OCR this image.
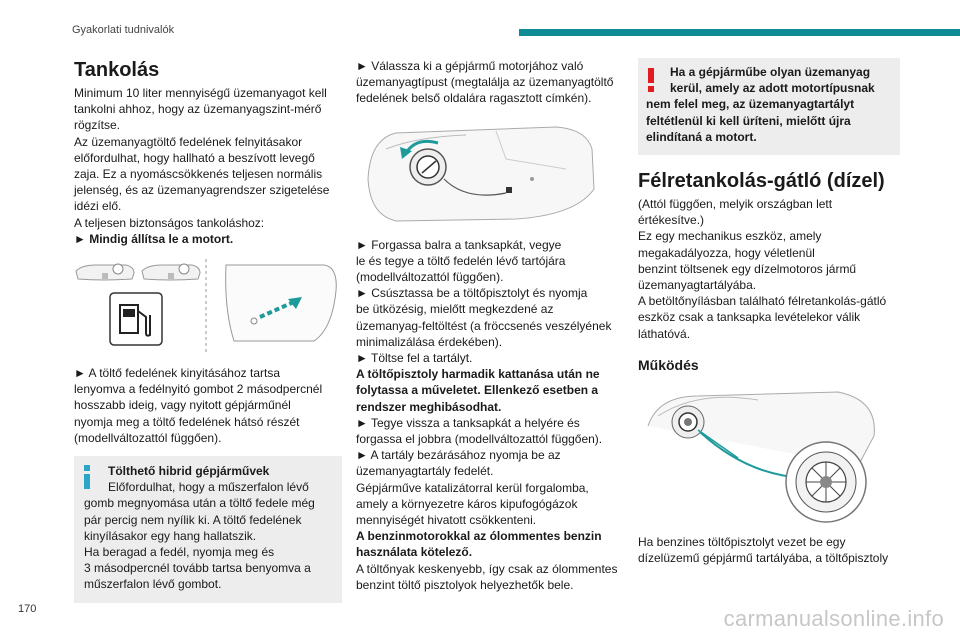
Gyakorlati tudnivalók
Tankolás
Minimum 10 liter mennyiségű üzemanyagot kell
tankolni ahhoz, hogy az üzemanyagszint-mérő
rögzítse.
Az üzemanyagtöltő fedelének felnyitásakor
előfordulhat, hogy hallható a beszívott levegő
zaja. Ez a nyomáscsökkenés teljesen normális
jelenség, és az üzemanyagrendszer szigetelése
idézi elő.
A teljesen biztonságos tankoláshoz:
► Mindig állítsa le a motort.
► A töltő fedelének kinyitásához tartsa
lenyomva a fedélnyitó gombot 2 másodpercnél
hosszabb ideig, vagy nyitott gépjárműnél
nyomja meg a töltő fedelének hátsó részét
(modellváltozattól függően).
Tölthető hibrid gépjárművek
Előfordulhat, hogy a műszerfalon lévő
gomb megnyomása után a töltő fedele még
pár percig nem nyílik ki. A töltő fedelének
kinyílásakor egy hang hallatszik.
Ha beragad a fedél, nyomja meg és
3 másodpercnél tovább tartsa benyomva a
műszerfalon lévő gombot.
► Válassza ki a gépjármű motorjához való
üzemanyagtípust (megtalálja az üzemanyagtöltő
fedelének belső oldalára ragasztott címkén).
► Forgassa balra a tanksapkát, vegye
le és tegye a töltő fedelén lévő tartójára
(modellváltozattól függően).
► Csúsztassa be a töltőpisztolyt és nyomja
be ütközésig, mielőtt megkezdené az
üzemanyag-feltöltést (a fröccsenés veszélyének
minimalizálása érdekében).
► Töltse fel a tartályt.
A töltőpisztoly harmadik kattanása után ne
folytassa a műveletet. Ellenkező esetben a
rendszer meghibásodhat.
► Tegye vissza a tanksapkát a helyére és
forgassa el jobbra (modellváltozattól függően).
► A tartály bezárásához nyomja be az
üzemanyagtartály fedelét.
Gépjárműve katalizátorral kerül forgalomba,
amely a környezetre káros kipufogógázok
mennyiségét hivatott csökkenteni.
A benzinmotorokkal az ólommentes benzin
használata kötelező.
A töltőnyak keskenyebb, így csak az ólommentes
benzint töltő pisztolyok helyezhetők bele.
Ha a gépjárműbe olyan üzemanyag
kerül, amely az adott motortípusnak
nem felel meg, az üzemanyagtartályt
feltétlenül ki kell üríteni, mielőtt újra
elindítaná a motort.
Félretankolás-gátló (dízel)
(Attól függően, melyik országban lett
értékesítve.)
Ez egy mechanikus eszköz, amely
megakadályozza, hogy véletlenül
benzint töltsenek egy dízelmotoros jármű
üzemanyagtartályába.
A betöltőnyílásban található félretankolás-gátló
eszköz csak a tanksapka levételekor válik
láthatóvá.
Működés
Ha benzines töltőpisztolyt vezet be egy
dízelüzemű gépjármű tartályába, a töltőpisztoly
170	carmanualsonline.info
